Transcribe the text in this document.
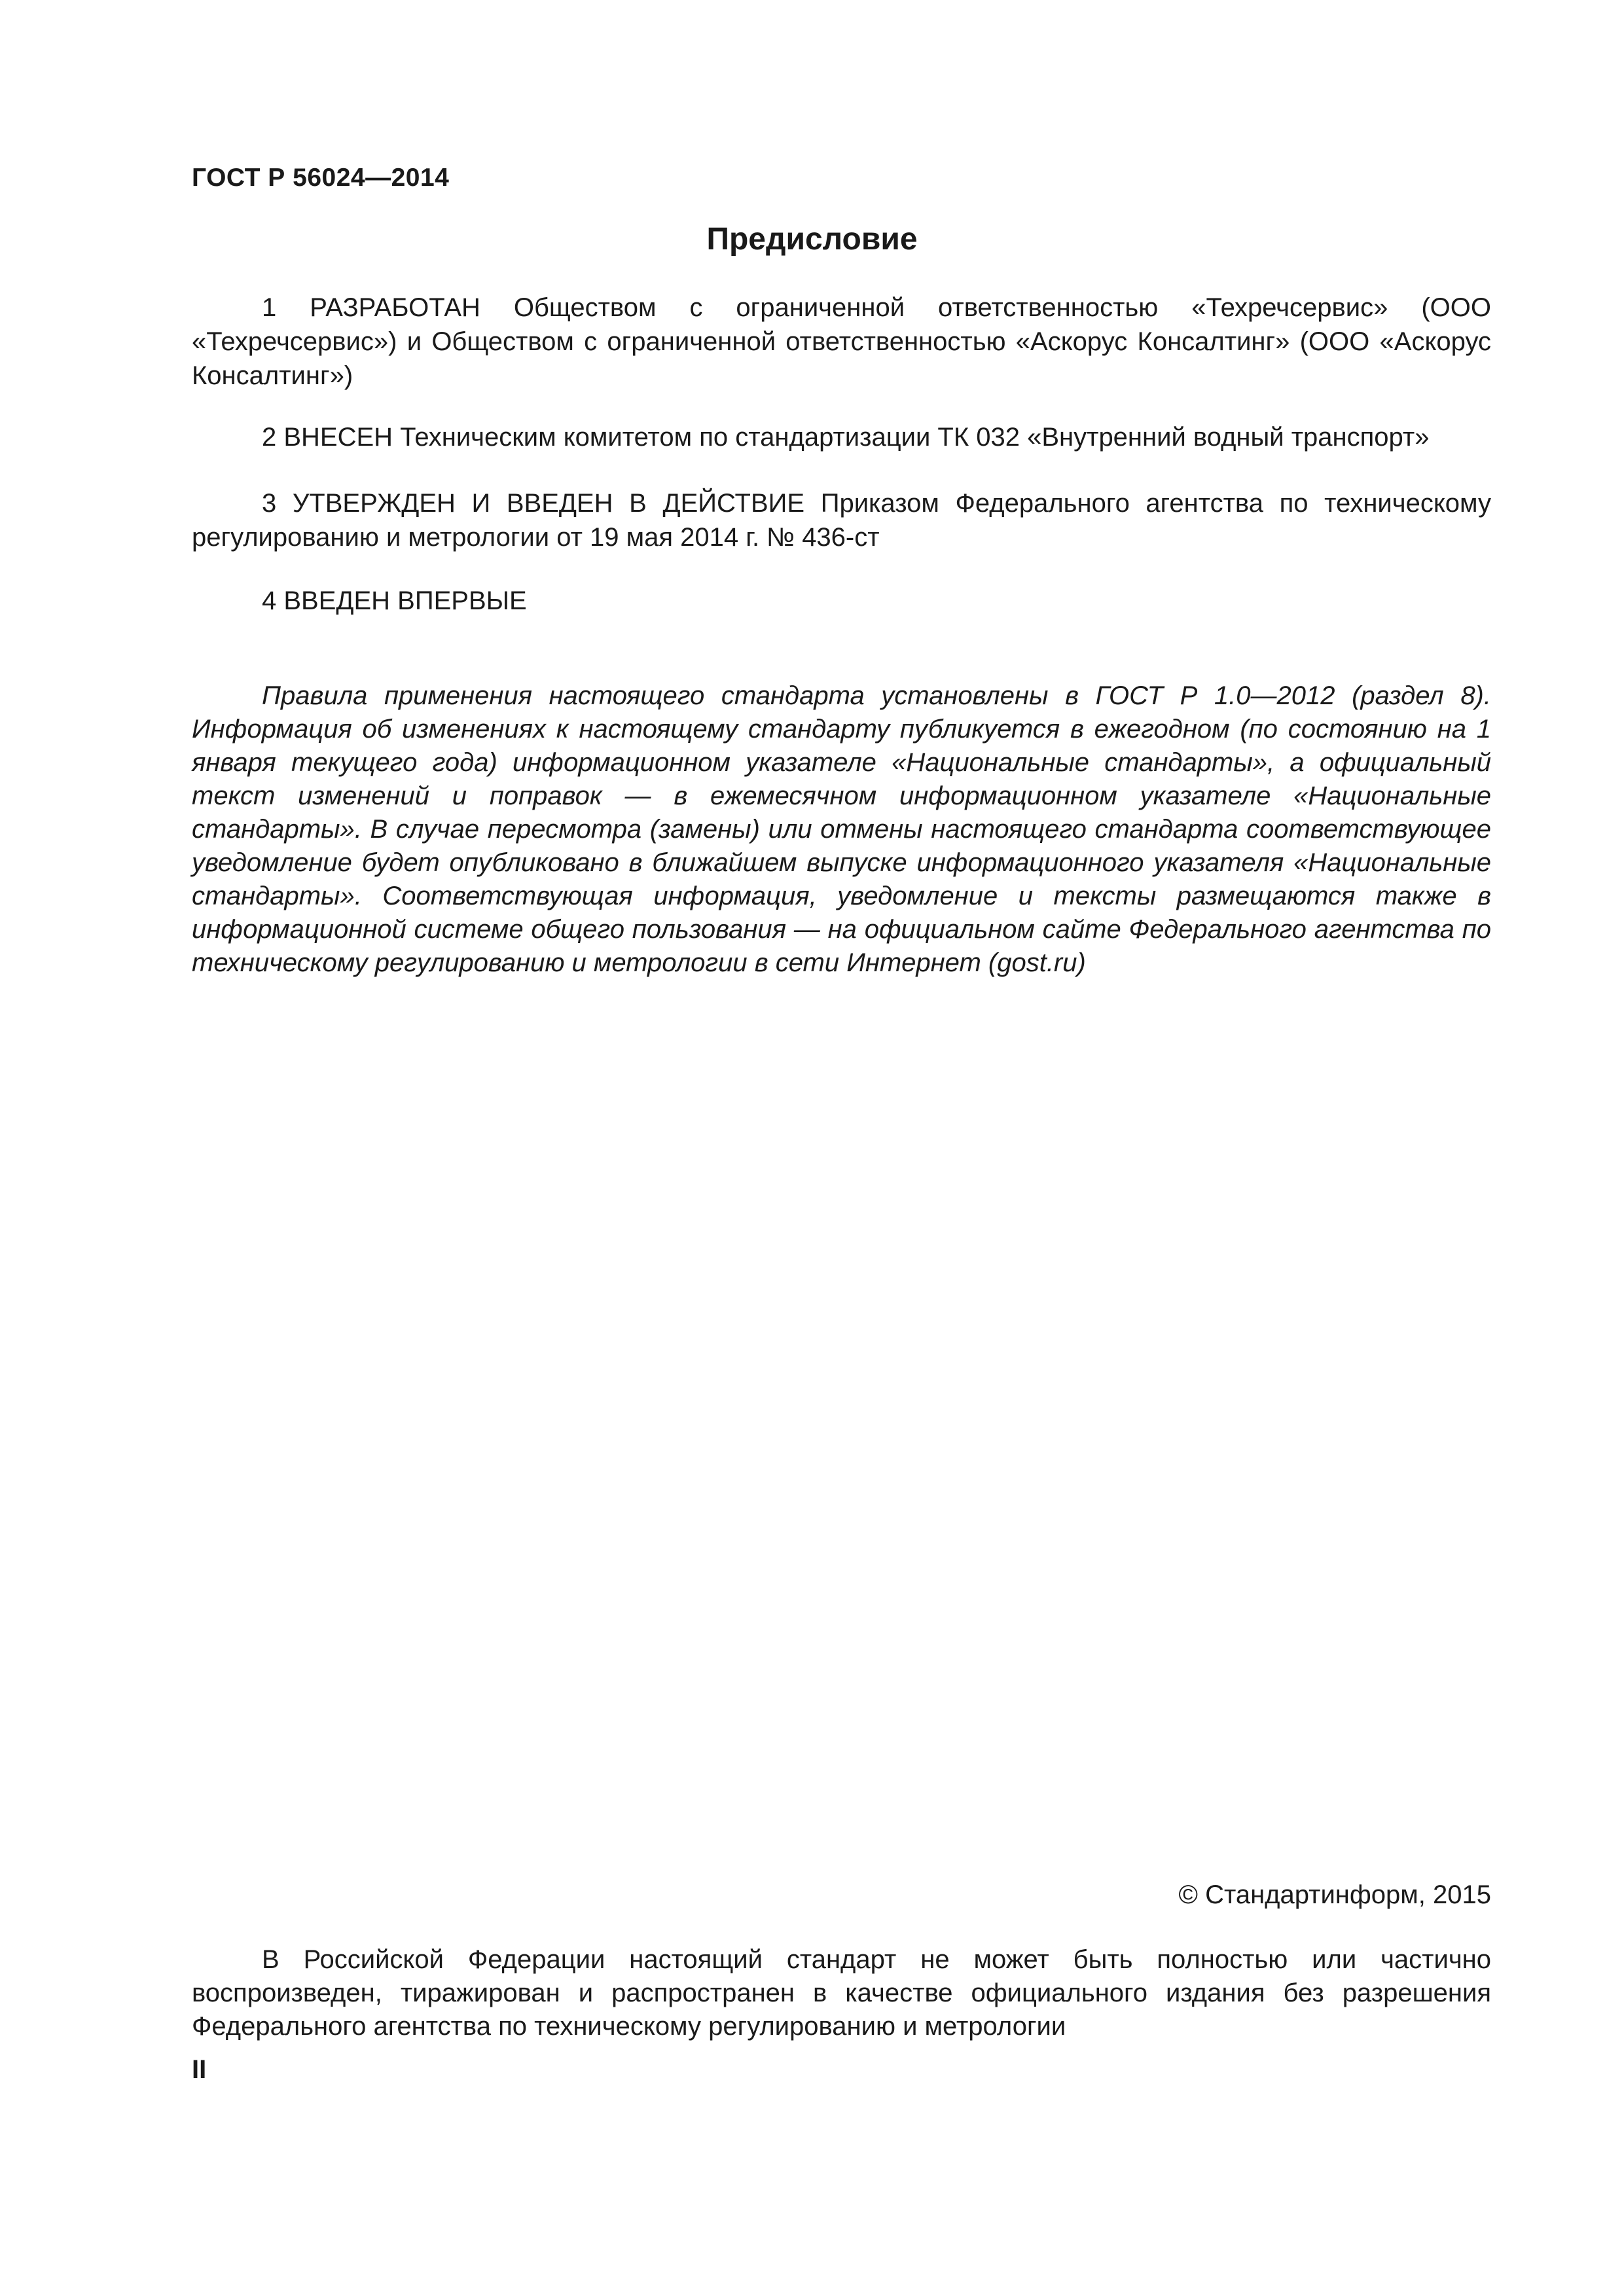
ГОСТ Р 56024—2014
Предисловие

1 РАЗРАБОТАН Обществом с ограниченной ответственностью «Техречсервис» (ООО «Техречсервис») и Обществом с ограниченной ответственностью «Аскорус Консалтинг» (ООО «Аскорус Консалтинг»)

2 ВНЕСЕН Техническим комитетом по стандартизации ТК 032 «Внутренний водный транспорт»

3 УТВЕРЖДЕН И ВВЕДЕН В ДЕЙСТВИЕ Приказом Федерального агентства по техническому регулированию и метрологии от 19 мая 2014 г. № 436-ст

4 ВВЕДЕН ВПЕРВЫЕ

Правила применения настоящего стандарта установлены в ГОСТ Р 1.0—2012 (раздел 8). Информация об изменениях к настоящему стандарту публикуется в ежегодном (по состоянию на 1 января текущего года) информационном указателе «Национальные стандарты», а официальный текст изменений и поправок — в ежемесячном информационном указателе «Национальные стандарты». В случае пересмотра (замены) или отмены настоящего стандарта соответствующее уведомление будет опубликовано в ближайшем выпуске информационного указателя «Национальные стандарты». Соответствующая информация, уведомление и тексты размещаются также в информационной системе общего пользования — на официальном сайте Федерального агентства по техническому регулированию и метрологии в сети Интернет (gost.ru)

© Стандартинформ, 2015

В Российской Федерации настоящий стандарт не может быть полностью или частично воспроизведен, тиражирован и распространен в качестве официального издания без разрешения Федерального агентства по техническому регулированию и метрологии

II
